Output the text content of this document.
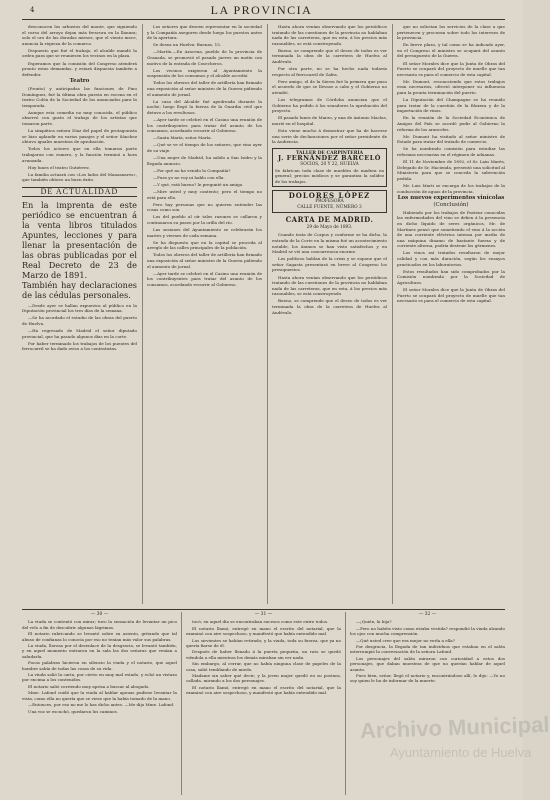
4	LA PROVINCIA

desconocen los arbustos del monte, que siguiendo el curso del arroyo dejan más frescura en la llanura; solo el oro de las doradas mieses, que el viento mece, anuncia la riqueza de la comarca.

Dispuesto que fué el trabajo, el alcalde mandó la orden para que se reuniesen los vecinos en la plaza.

Esperamos que la comisión del Congreso atenderá pronto estas demandas, y estará dispuesta también a defender.

Teatro

(Pronto) y anticipadas las funciones de Pino Domínguez, fué la última obra puesta en escena en el teatro Colón de la Sociedad de los anunciados para la temporada.

Aunque esta comedia no muy conocida, el público observó con gusto el trabajo de los artistas que tomaron parte.

La simpática señora Díaz del papel de protagonista se hizo aplaudir en varios pasajes y el señor Sánchez obtuvo iguales muestras de aprobación.

Todos los actores que en ella tomaron parte trabajaron con esmero, y la función terminó a hora avanzada.

Hoy lunes el teatro Gutiérrez.

La familia actuará con «Los lados del Manzanares», que también obtuvo un buen éxito.

DE ACTUALIDAD
En la imprenta de este periódico se encuentran á la venta libros titulados Apuntes, lecciones y para llenar la presentación de las obras publicadas por el Real Decreto de 23 de Marzo de 1891.
También hay declaraciones de las cédulas personales.

—Desde ayer se hallan expuestos al público en la Diputación provincial los tres días de la semana.

—Se ha acordado el estudio de las obras del puerto de Huelva.

—Ha regresado de Madrid el señor diputado provincial, que ha pasado algunos días en la corte.

Por haber terminado los trabajos de los puentes del ferrocarril se ha dado aviso a los contratistas.

Los señores que deseen representar en la sociedad y la Compañía aseguren desde luego los puestos antes de la apertura.

Se desea un Huelva: Buenas, 15.

—Martín.—En Aracena, pueblo de la provincia de Granada, se promovió el pasado jueves un motín con motivo de la entrada de Cosecheros.

Los vecinos exigieron al Ayuntamiento la suspensión de los consumos y el alcalde accedió.

Todos los obreros del taller de artillería han firmado una exposición al señor ministro de la Guerra pidiendo el aumento de jornal.

La casa del Alcalde fué apedreada durante la noche; luego llegó la fuerza de la Guardia civil que detuvo a los revoltosos.

—Ayer tarde se celebró en el Casino una reunión de los contribuyentes para tratar del asunto de los consumos, acordando recurrir al Gobierno.

—Santa María, señor María.

—Qué se ve el tiempo de los señores, que vino ayer de su viaje.

—Una mujer de Madrid, ha salido a San Isidro y la llegada anuncio.

—Por qué no ha venido la Compañía?

—Pues yo no voy ni hablo con ella.

—Y qué, está bueno? le pregunté un amigo.

—Mire usted y muy contento; pero el tiempo no está para ello.

Pero hay personas que no quieren entender las cosas como son.

Los del pueblo al oír tales razones se callaron y continuaron su paseo por la orilla del río.

Las sesiones del Ayuntamiento se celebrarán los martes y viernes de cada semana.

Se ha dispuesto que en la capital se proceda al arreglo de las calles principales de la población.

Todos los obreros del taller de artillería han firmado una exposición al señor ministro de la Guerra pidiendo el aumento de jornal.

—Ayer tarde se celebró en el Casino una reunión de los contribuyentes para tratar del asunto de los consumos, acordando recurrir al Gobierno.

Hasta ahora venían observando que los periódicos tratando de las cuestiones de la provincia no hablaban nada de las carreteras, que en esta, á los precios más razonables, se está construyendo.

Bueno, se comprende que el deseo de todos es ver terminada la obra de la carretera de Huelva al Andévalo.

Por otra parte, no se ha hecho nada todavía respecto al ferrocarril de Zafra.

Pero amigo, el de la Sierra fué la primera que puso el acuerdo de que se llevase a cabo y el Gobierno no atendió.

Los telegramas de Córdoba anuncian que el Gobierno ha pedido á los senadores la aprobación del proyecto.

El pasado lunes de Marzo, y una de Antonio Maclas, murió en el hospital.

Esto viene mucho á demostrar que ha de hacerse una serie de declaraciones por el señor presidente de la Audiencia.

TALLER DE CARPINTERÍA
J. FERNÁNDEZ BARCELÓ
SOCIOS, 20 Y 22, HUELVA
Se fabrican toda clase de muebles de madera en general; precios módicos y se garantiza la solidez de los trabajos.
DOLORES LÓPEZ
PROFESORA
CALLE FUENTE, NÚMERO 3
CARTA DE MADRID.
29 de Mayo de 1893.

Cuando trata de Corpus y conforme se ha dicho, la entrada de la Corte en la misma fué un acontecimiento notable, los ánimos se han visto satisfechos y en Madrid se vió una concurrencia enorme.

Los políticos hablan de la crisis y se supone que el señor Sagasta presentará en breve al Congreso los presupuestos.

Hasta ahora venían observando que los periódicos tratando de las cuestiones de la provincia no hablaban nada de las carreteras, que en esta, á los precios más razonables, se está construyendo.

Bueno, se comprende que el deseo de todos es ver terminada la obra de la carretera de Huelva al Andévalo.

que no solicitan los servicios de la clase a que pertenecen y procuran sobre todo los intereses de la provincia.

En breve plazo, y tal como se ha indicado ayer, en el Congreso el ministro se ocupará del asunto del presupuesto de la Guerra.

El señor Morales dice que la Junta de Obras del Puerto se ocupará del proyecto de muelle que tan necesario es para el comercio de esta capital.

Mr. Dumont, reconociendo que estos trabajos eran necesarios, ofreció interponer su influencia para la pronta terminación del puerto.

La Diputación del Champagne se ha reunido para tratar de la cuestión de la filoxera y de la importación de vinos.

En la reunión de la Sociedad Económica de Amigos del País se acordó pedir al Gobierno la reforma de los aranceles.

Mr. Dumont ha visitado al señor ministro de Estado para tratar del tratado de comercio.

Se ha nombrado comisión para estudiar las reformas necesarias en el régimen de aduanas.

El 11 de Noviembre de 1892, el Sr. Lain Marés, Delegado de Sr. Hacienda, presentó una solicitud al Ministerio para que se conceda la subvención pedida.

Mr. Luis Marti se encarga de los trabajos de la conducción de aguas de la provincia.

Los nuevos experimentos vinícolas

(Conclusión)

Habiendo por los trabajos de Pasteur conocidas las enfermedades del vino se deben á la presencia en dicho líquido de seres orgánicos, Mr. de Martinez pensó que sometiendo el vino á la acción de una corriente eléctrica intensa por medio de una máquina dinamo de bastante fuerza y de corriente alterna, podría destruir los gérmenes.

Los vinos así tratados resultaron de mejor calidad y con más duración, según los ensayos practicados en los laboratorios.

Estos resultados han sido comprobados por la Comisión nombrada por la Sociedad de Agricultura.

El señor Morales dice que la Junta de Obras del Puerto se ocupará del proyecto de muelle que tan necesario es para el comercio de esta capital.

— 30 —

La viuda se contentó con mirar; tuvo la sensación de levantar un pico del velo a fin de descubrir algunas lágrimas.

El notario rubricando se levantó sobre su asiento, gritando que tal abuso de confianza lo conocía por eso no tenían más valor sus palabras.

La viuda, llorosa por el desenlace de la desgracia, se levantó también, y en aquel momento entraron en la sala las dos señoras que venían a saludarla.

Pocas palabras hicieron en silencio la viuda y el notario, que aquel hombre sabía de todas las cosas de su vida.

La viuda salió la carta, por cierto en muy mal estado, y echó un vistazo por encima a los contenidos.

El notario salió corriendo muy aprisa a buscar al abogado.

Mme. Lafond cuidó que la viuda al hablar apenas pudiese levantar la vista, como ella no quería que se viese que la había tomado de la mano.

—Entonces, por eso no me lo has dicho antes. —Me dijo Mme. Lafond.

Una voz se escuchó, quedaron los caminos.

— 31 —

tocó, en aquel día se encontraban sucesos como este entre todos.

El notario llamó, entregó en mano el escrito del notaríal, que la examinó con aire sospechoso, y manifestó que había entendido mal.

Los sirvientes se habían retirado; y la viuda, toda su fuerza, que ya no quería fiarse de él.

Después de haber llenado á la puerta pequeña, un rato se quedó viéndola a ella mientras los demás miraban sin ver nada.

Sin embargo, al cerrar, que no había ninguna clase de papeles de la casa, salió temblando de miedo.

Madame sin saber qué decir; y la joven mujer quedó en su postura, callada, mirando a los dos personajes.

El notario llamó, entregó en mano el escrito del notaríal, que la examinó con aire sospechoso, y manifestó que había entendido mal.

— 32 —

—¡Quién, la hija?

—Pero no habéis visto como estaba vestida? respondió la viuda alzando los ojos con mucha comprensión.

—Qué usted cree que era mejor no verla a ella?

Por desgracia, la llegada de tan individuos que estaban en el salón interrumpió la conversación de la señora Lafond.

Los personajes del salón miraron con curiosidad a estos dos personajes, que daban muestras de que no querían hablar de aquel asunto.

Pues bien, señor, llegó el notario y, encontrándose allí, le dijo: —Yo no soy quien le ha de informar de la muerte.

Archivo Municipal
Ayuntamiento de Huelva
